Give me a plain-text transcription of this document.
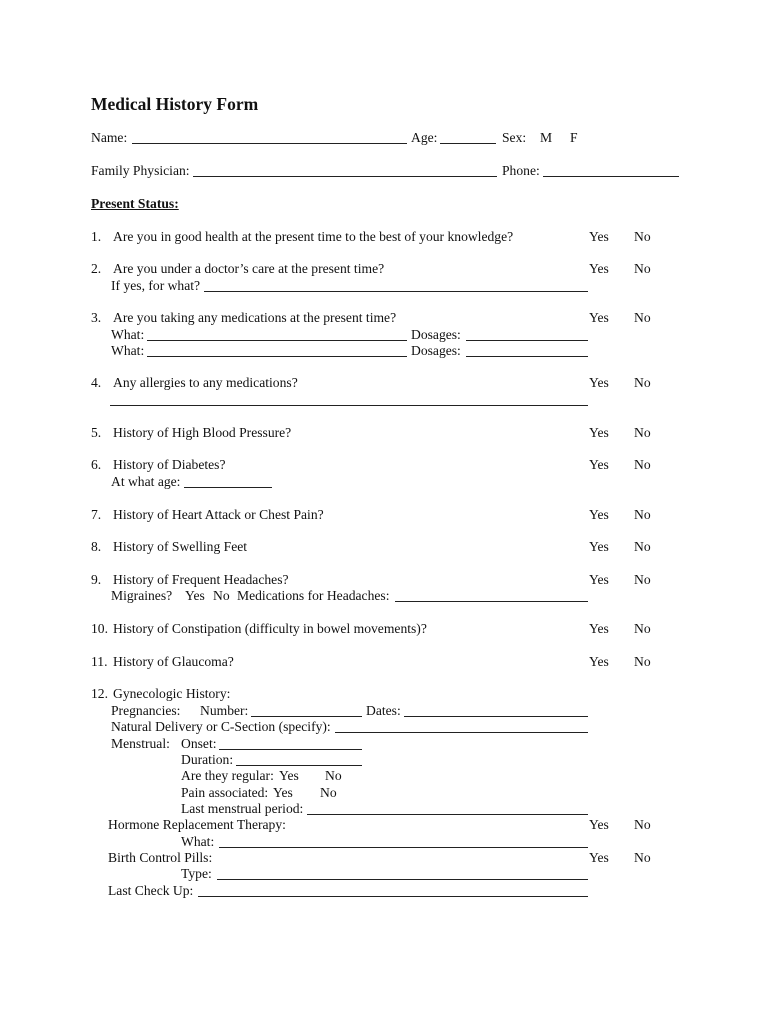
Medical History Form
Name:	Age:	Sex: M F
Family Physician:	Phone:
Present Status:
1. Are you in good health at the present time to the best of your knowledge?	Yes No
2. Are you under a doctor’s care at the present time?	Yes No
If yes, for what?
3. Are you taking any medications at the present time?	Yes No
What:	Dosages:
What:	Dosages:
4. Any allergies to any medications?	Yes No
5. History of High Blood Pressure?	Yes No
6. History of Diabetes?	Yes No
At what age:
7. History of Heart Attack or Chest Pain?	Yes No
8. History of Swelling Feet	Yes No
9. History of Frequent Headaches?	Yes No
Migraines? Yes No Medications for Headaches:
10. History of Constipation (difficulty in bowel movements)?	Yes No
11. History of Glaucoma?	Yes No
12. Gynecologic History:
Pregnancies: Number:	Dates:
Natural Delivery or C-Section (specify):
Menstrual: Onset:
Duration:
Are they regular: Yes No
Pain associated: Yes No
Last menstrual period:
Hormone Replacement Therapy:	Yes No
What:
Birth Control Pills:	Yes No
Type:
Last Check Up:
